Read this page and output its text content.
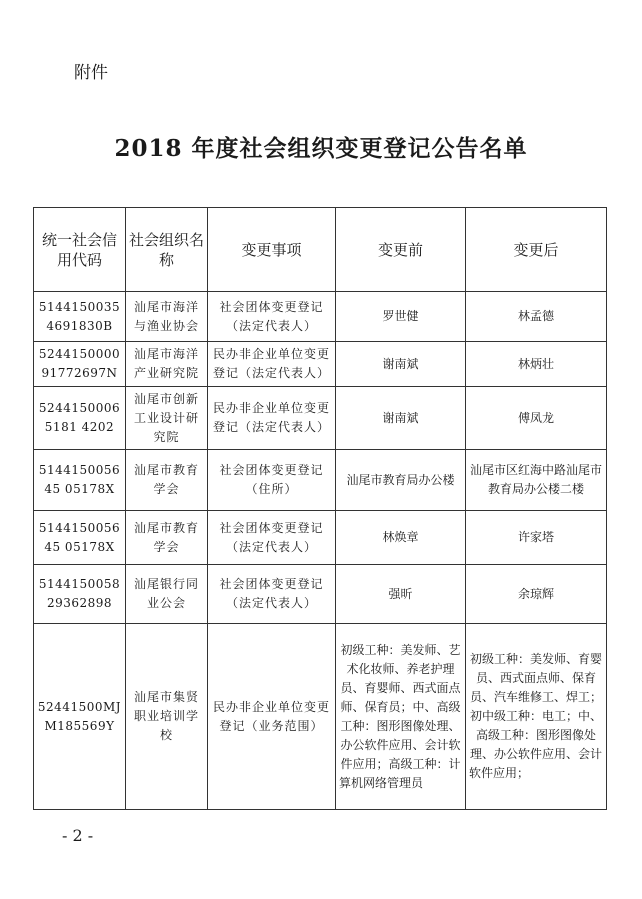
附件
2018 年度社会组织变更登记公告名单
统一社会信用代码	社会组织名称	变更事项	变更前	变更后
51441500354691830B	汕尾市海洋与渔业协会	社会团体变更登记（法定代表人）	罗世健	林孟德
524415000091772697N	汕尾市海洋产业研究院	民办非企业单位变更登记（法定代表人）	谢南斌	林炳壮
52441500065181 4202	汕尾市创新工业设计研究院	民办非企业单位变更登记（法定代表人）	谢南斌	傅凤龙
514415005645 05178X	汕尾市教育学会	社会团体变更登记（住所）	汕尾市教育局办公楼	汕尾市区红海中路汕尾市教育局办公楼二楼
514415005645 05178X	汕尾市教育学会	社会团体变更登记（法定代表人）	林焕章	许家塔
514415005829362898	汕尾银行同业公会	社会团体变更登记（法定代表人）	强昕	余琼辉
52441500MJM185569Y	汕尾市集贤职业培训学校	民办非企业单位变更登记（业务范围）	初级工种：美发师、艺术化妆师、养老护理员、育婴师、西式面点师、保育员；中、高级工种：图形图像处理、办公软件应用、会计软件应用；高级工种：计算机网络管理员	初级工种：美发师、育婴员、西式面点师、保育员、汽车维修工、焊工；初中级工种：电工；中、高级工种：图形图像处理、办公软件应用、会计软件应用；
- 2 -
